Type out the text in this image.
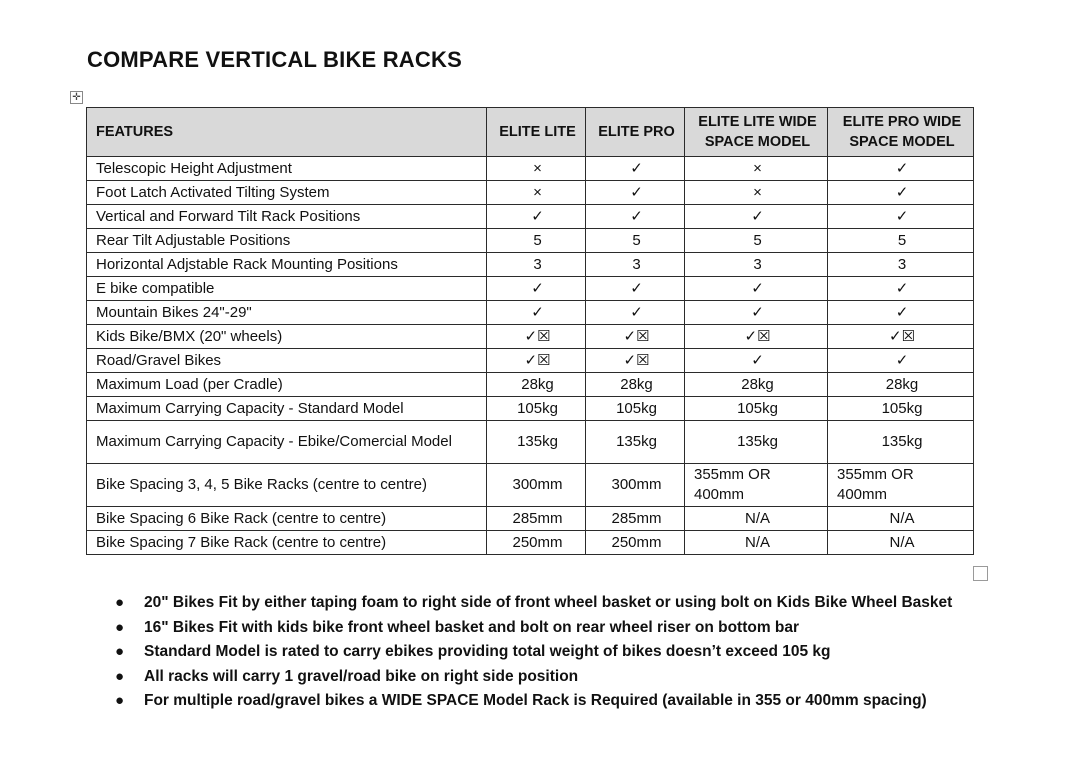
COMPARE VERTICAL BIKE RACKS
✛
FEATURES	ELITE LITE	ELITE PRO	ELITE LITE WIDE SPACE MODEL	ELITE PRO WIDE SPACE MODEL
Telescopic Height Adjustment	×	✓	×	✓
Foot Latch Activated Tilting System	×	✓	×	✓
Vertical and Forward Tilt Rack Positions	✓	✓	✓	✓
Rear Tilt Adjustable Positions	5	5	5	5
Horizontal Adjstable Rack Mounting Positions	3	3	3	3
E bike compatible	✓	✓	✓	✓
Mountain Bikes 24"-29"	✓	✓	✓	✓
Kids Bike/BMX (20" wheels)	✓☒	✓☒	✓☒	✓☒
Road/Gravel Bikes	✓☒	✓☒	✓	✓
Maximum Load (per Cradle)	28kg	28kg	28kg	28kg
Maximum Carrying Capacity - Standard Model	105kg	105kg	105kg	105kg
Maximum Carrying Capacity - Ebike/Comercial Model	135kg	135kg	135kg	135kg
Bike Spacing 3, 4, 5 Bike Racks (centre to centre)	300mm	300mm	355mm OR 400mm	355mm OR 400mm
Bike Spacing 6 Bike Rack (centre to centre)	285mm	285mm	N/A	N/A
Bike Spacing 7 Bike Rack (centre to centre)	250mm	250mm	N/A	N/A
● 20" Bikes Fit by either taping foam to right side of front wheel basket or using bolt on Kids Bike Wheel Basket
● 16" Bikes Fit with kids bike front wheel basket and bolt on rear wheel riser on bottom bar
● Standard Model is rated to carry ebikes providing total weight of bikes doesn’t exceed 105 kg
● All racks will carry 1 gravel/road bike on right side position
● For multiple road/gravel bikes a WIDE SPACE Model Rack is Required (available in 355 or 400mm spacing)
